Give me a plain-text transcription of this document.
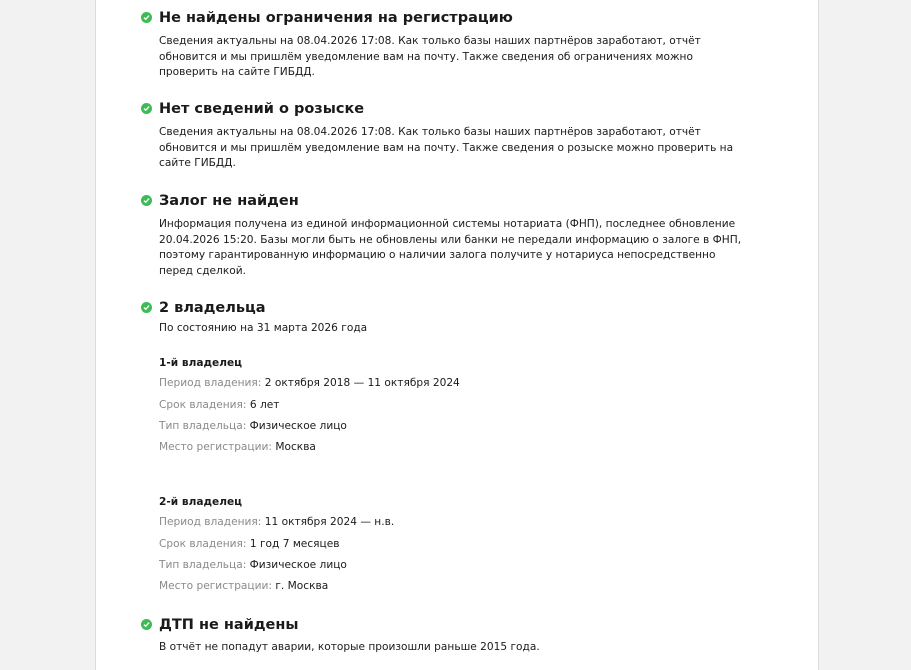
Не найдены ограничения на регистрацию
Сведения актуальны на 08.04.2026 17:08. Как только базы наших партнёров заработают, отчёт обновится и мы пришлём уведомление вам на почту. Также сведения об ограничениях можно проверить на сайте ГИБДД.
Нет сведений о розыске
Сведения актуальны на 08.04.2026 17:08. Как только базы наших партнёров заработают, отчёт обновится и мы пришлём уведомление вам на почту. Также сведения о розыске можно проверить на сайте ГИБДД.
Залог не найден
Информация получена из единой информационной системы нотариата (ФНП), последнее обновление 20.04.2026 15:20. Базы могли быть не обновлены или банки не передали информацию о залоге в ФНП, поэтому гарантированную информацию о наличии залога получите у нотариуса непосредственно перед сделкой.
2 владельца
По состоянию на 31 марта 2026 года
1-й владелец
Период владения: 2 октября 2018 — 11 октября 2024
Срок владения: 6 лет
Тип владельца: Физическое лицо
Место регистрации: Москва
2-й владелец
Период владения: 11 октября 2024 — н.в.
Срок владения: 1 год 7 месяцев
Тип владельца: Физическое лицо
Место регистрации: г. Москва
ДТП не найдены
В отчёт не попадут аварии, которые произошли раньше 2015 года.
